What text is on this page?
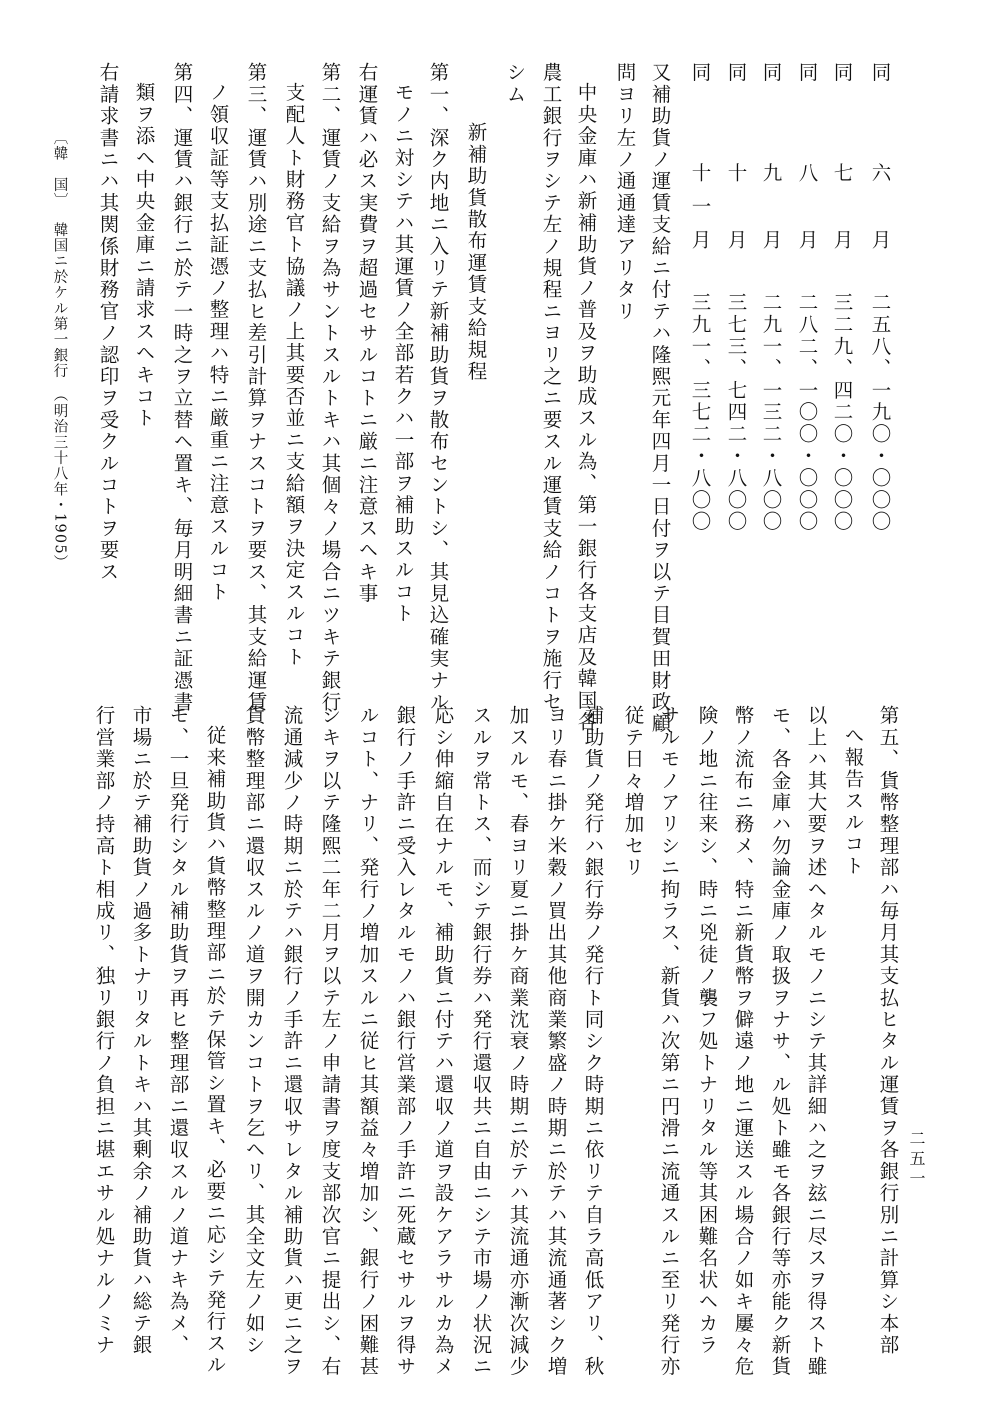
同　　六　月
同　　七　月
同　　八　月
同　　九　月
同　　十　月
同　　十一月
二五八、一九〇・〇〇〇
三二九、四二〇・〇〇〇
二八二、一〇〇・〇〇〇
二九一、一三二・八〇〇
三七三、七四二・八〇〇
三九一、三七二・八〇〇
又補助貨ノ運賃支給ニ付テハ隆熙元年四月一日付ヲ以テ目賀田財政顧
問ヨリ左ノ通通達アリタリ
中央金庫ハ新補助貨ノ普及ヲ助成スル為、第一銀行各支店及韓国各
農工銀行ヲシテ左ノ規程ニヨリ之ニ要スル運賃支給ノコトヲ施行セ
シム
新補助貨散布運賃支給規程
第一、深ク内地ニ入リテ新補助貨ヲ散布セントシ、其見込確実ナル
モノニ対シテハ其運賃ノ全部若クハ一部ヲ補助スルコト
右運賃ハ必ス実費ヲ超過セサルコトニ厳ニ注意スヘキ事
第二、運賃ノ支給ヲ為サントスルトキハ其個々ノ場合ニツキテ銀行
支配人ト財務官ト協議ノ上其要否並ニ支給額ヲ決定スルコト
第三、運賃ハ別途ニ支払ヒ差引計算ヲナスコトヲ要ス、其支給運賃
ノ領収証等支払証憑ノ整理ハ特ニ厳重ニ注意スルコト
第四、運賃ハ銀行ニ於テ一時之ヲ立替ヘ置キ、毎月明細書ニ証憑書
類ヲ添ヘ中央金庫ニ請求スヘキコト
右請求書ニハ其関係財務官ノ認印ヲ受クルコトヲ要ス
〔韓　国〕
韓国ニ於ケル第一銀行　（明治三十八年・1905）
第五、貨幣整理部ハ毎月其支払ヒタル運賃ヲ各銀行別ニ計算シ本部
へ報告スルコト
以上ハ其大要ヲ述ヘタルモノニシテ其詳細ハ之ヲ玆ニ尽スヲ得スト雖
モ、各金庫ハ勿論金庫ノ取扱ヲナサ、ル処ト雖モ各銀行等亦能ク新貨
幣ノ流布ニ務メ、特ニ新貨幣ヲ僻遠ノ地ニ運送スル場合ノ如キ屢々危
険ノ地ニ往来シ、時ニ兇徒ノ襲フ処トナリタル等其困難名状ヘカラ
サルモノアリシニ拘ラス、新貨ハ次第ニ円滑ニ流通スルニ至リ発行亦
従テ日々増加セリ
補助貨ノ発行ハ銀行券ノ発行ト同シク時期ニ依リテ自ラ高低アリ、秋
ヨリ春ニ掛ケ米穀ノ買出其他商業繁盛ノ時期ニ於テハ其流通著シク増
加スルモ、春ヨリ夏ニ掛ケ商業沈衰ノ時期ニ於テハ其流通亦漸次減少
スルヲ常トス、而シテ銀行券ハ発行還収共ニ自由ニシテ市場ノ状況ニ
応シ伸縮自在ナルモ、補助貨ニ付テハ還収ノ道ヲ設ケアラサルカ為メ
銀行ノ手許ニ受入レタルモノハ銀行営業部ノ手許ニ死蔵セサルヲ得サ
ルコト、ナリ、発行ノ増加スルニ従ヒ其額益々増加シ、銀行ノ困難甚
シキヲ以テ隆熙二年二月ヲ以テ左ノ申請書ヲ度支部次官ニ提出シ、右
流通減少ノ時期ニ於テハ銀行ノ手許ニ還収サレタル補助貨ハ更ニ之ヲ
貨幣整理部ニ還収スルノ道ヲ開カンコトヲ乞ヘリ、其全文左ノ如シ
従来補助貨ハ貨幣整理部ニ於テ保管シ置キ、必要ニ応シテ発行スル
モ、一旦発行シタル補助貨ヲ再ヒ整理部ニ還収スルノ道ナキ為メ、
市場ニ於テ補助貨ノ過多トナリタルトキハ其剰余ノ補助貨ハ総テ銀
行営業部ノ持高ト相成リ、独リ銀行ノ負担ニ堪エサル処ナルノミナ	二五一
